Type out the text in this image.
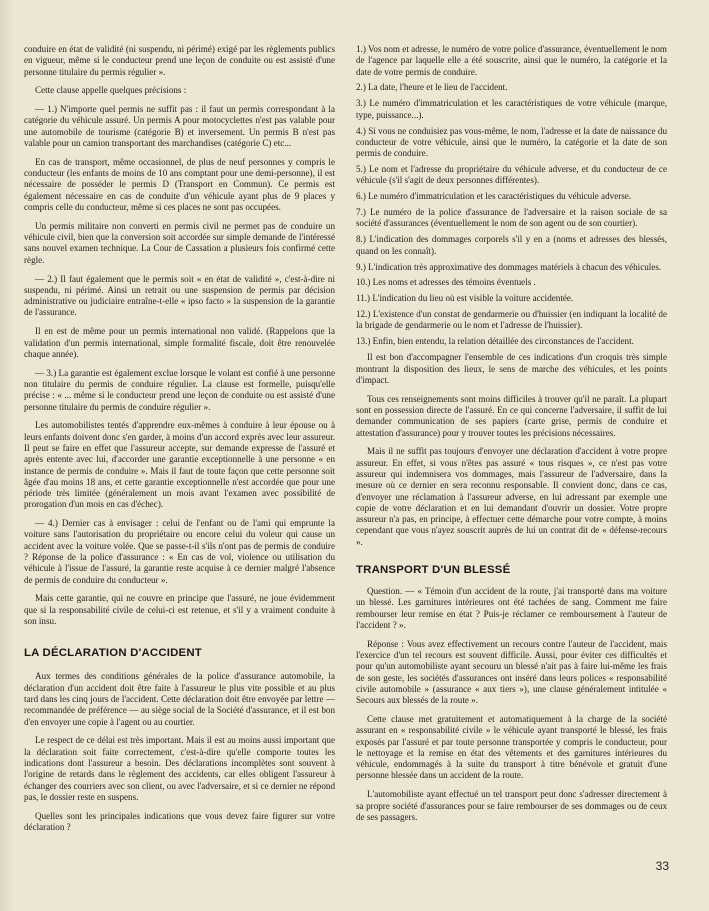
conduire en état de validité (ni suspendu, ni périmé) exigé par les règlements publics en vigueur, même si le conducteur prend une leçon de conduite ou est assisté d'une personne titulaire du permis régulier ».

Cette clause appelle quelques précisions :

— 1.) N'importe quel permis ne suffit pas : il faut un permis correspondant à la catégorie du véhicule assuré. Un permis A pour motocyclettes n'est pas valable pour une automobile de tourisme (catégorie B) et inversement. Un permis B n'est pas valable pour un camion transportant des marchandises (catégorie C) etc...

En cas de transport, même occasionnel, de plus de neuf personnes y compris le conducteur (les enfants de moins de 10 ans comptant pour une demi-personne), il est nécessaire de posséder le permis D (Transport en Commun). Ce permis est également nécessaire en cas de conduite d'un véhicule ayant plus de 9 places y compris celle du conducteur, même si ces places ne sont pas occupées.

Un permis militaire non converti en permis civil ne permet pas de conduire un véhicule civil, bien que la conversion soit accordée sur simple demande de l'intéressé sans nouvel examen technique. La Cour de Cassation a plusieurs fois confirmé cette règle.

— 2.) Il faut également que le permis soit « en état de validité », c'est-à-dire ni suspendu, ni périmé. Ainsi un retrait ou une suspension de permis par décision administrative ou judiciaire entraîne-t-elle « ipso facto » la suspension de la garantie de l'assurance.

Il en est de même pour un permis international non validé. (Rappelons que la validation d'un permis international, simple formalité fiscale, doit être renouvelée chaque année).

— 3.) La garantie est également exclue lorsque le volant est confié à une personne non titulaire du permis de conduire régulier. La clause est formelle, puisqu'elle précise : « ... même si le conducteur prend une leçon de conduite ou est assisté d'une personne titulaire du permis de conduire régulier ».

Les automobilistes tentés d'apprendre eux-mêmes à conduire à leur épouse ou à leurs enfants doivent donc s'en garder, à moins d'un accord exprès avec leur assureur. Il peut se faire en effet que l'assureur accepte, sur demande expresse de l'assuré et après entente avec lui, d'accorder une garantie exceptionnelle à une personne « en instance de permis de conduire ». Mais il faut de toute façon que cette personne soit âgée d'au moins 18 ans, et cette garantie exceptionnelle n'est accordée que pour une période très limitée (généralement un mois avant l'examen avec possibilité de prorogation d'un mois en cas d'échec).

— 4.) Dernier cas à envisager : celui de l'enfant ou de l'ami qui emprunte la voiture sans l'autorisation du propriétaire ou encore celui du voleur qui cause un accident avec la voiture volée. Que se passe-t-il s'ils n'ont pas de permis de conduire ? Réponse de la police d'assurance : « En cas de vol, violence ou utilisation du véhicule à l'issue de l'assuré, la garantie reste acquise à ce dernier malgré l'absence de permis de conduire du conducteur ».

Mais cette garantie, qui ne couvre en principe que l'assuré, ne joue évidemment que si la responsabilité civile de celui-ci est retenue, et s'il y a vraiment conduite à son insu.

LA DÉCLARATION D'ACCIDENT

Aux termes des conditions générales de la police d'assurance automobile, la déclaration d'un accident doit être faite à l'assureur le plus vite possible et au plus tard dans les cinq jours de l'accident. Cette déclaration doit être envoyée par lettre — recommandée de préférence — au siège social de la Société d'assurance, et il est bon d'en envoyer une copie à l'agent ou au courtier.

Le respect de ce délai est très important. Mais il est au moins aussi important que la déclaration soit faite correctement, c'est-à-dire qu'elle comporte toutes les indications dont l'assureur a besoin. Des déclarations incomplètes sont souvent à l'origine de retards dans le règlement des accidents, car elles obligent l'assureur à échanger des courriers avec son client, ou avec l'adversaire, et si ce dernier ne répond pas, le dossier reste en suspens.

Quelles sont les principales indications que vous devez faire figurer sur votre déclaration ?

1.) Vos nom et adresse, le numéro de votre police d'assurance, éventuellement le nom de l'agence par laquelle elle a été souscrite, ainsi que le numéro, la catégorie et la date de votre permis de conduire.

2.) La date, l'heure et le lieu de l'accident.

3.) Le numéro d'immatriculation et les caractéristiques de votre véhicule (marque, type, puissance...).

4.) Si vous ne conduisiez pas vous-même, le nom, l'adresse et la date de naissance du conducteur de votre véhicule, ainsi que le numéro, la catégorie et la date de son permis de conduire.

5.) Le nom et l'adresse du propriétaire du véhicule adverse, et du conducteur de ce véhicule (s'il s'agit de deux personnes différentes).

6.) Le numéro d'immatriculation et les caractéristiques du véhicule adverse.

7.) Le numéro de la police d'assurance de l'adversaire et la raison sociale de sa société d'assurances (éventuellement le nom de son agent ou de son courtier).

8.) L'indication des dommages corporels s'il y en a (noms et adresses des blessés, quand on les connaît).

9.) L'indication très approximative des dommages matériels à chacun des véhicules.

10.) Les noms et adresses des témoins éventuels .

11.) L'indication du lieu où est visible la voiture accidentée.

12.) L'existence d'un constat de gendarmerie ou d'huissier (en indiquant la localité de la brigade de gendarmerie ou le nom et l'adresse de l'huissier).

13.) Enfin, bien entendu, la relation détaillée des circonstances de l'accident.

Il est bon d'accompagner l'ensemble de ces indications d'un croquis très simple montrant la disposition des lieux, le sens de marche des véhicules, et les points d'impact.

Tous ces renseignements sont moins difficiles à trouver qu'il ne paraît. La plupart sont en possession directe de l'assuré. En ce qui concerne l'adversaire, il suffit de lui demander communication de ses papiers (carte grise, permis de conduire et attestation d'assurance) pour y trouver toutes les précisions nécessaires.

Mais il ne suffit pas toujours d'envoyer une déclaration d'accident à votre propre assureur. En effet, si vous n'êtes pas assuré « tous risques », ce n'est pas votre assureur qui indemnisera vos dommages, mais l'assureur de l'adversaire, dans la mesure où ce dernier en sera reconnu responsable. Il convient donc, dans ce cas, d'envoyer une réclamation à l'assureur adverse, en lui adressant par exemple une copie de votre déclaration et en lui demandant d'ouvrir un dossier. Votre propre assureur n'a pas, en principe, à effectuer cette démarche pour votre compte, à moins cependant que vous n'ayez souscrit auprès de lui un contrat dit de « défense-recours ».

TRANSPORT D'UN BLESSÉ

Question. — « Témoin d'un accident de la route, j'ai transporté dans ma voiture un blessé. Les garnitures intérieures ont été tachées de sang. Comment me faire rembourser leur remise en état ? Puis-je réclamer ce remboursement à l'auteur de l'accident ? ».

Réponse : Vous avez effectivement un recours contre l'auteur de l'accident, mais l'exercice d'un tel recours est souvent difficile. Aussi, pour éviter ces difficultés et pour qu'un automobiliste ayant secouru un blessé n'ait pas à faire lui-même les frais de son geste, les sociétés d'assurances ont inséré dans leurs polices « responsabilité civile automobile » (assurance « aux tiers »), une clause généralement intitulée « Secours aux blessés de la route ».

Cette clause met gratuitement et automatiquement à la charge de la société assurant en « responsabilité civile » le véhicule ayant transporté le blessé, les frais exposés par l'assuré et par toute personne transportée y compris le conducteur, pour le nettoyage et la remise en état des vêtements et des garnitures intérieures du véhicule, endommagés à la suite du transport à titre bénévole et gratuit d'une personne blessée dans un accident de la route.

L'automobiliste ayant effectué un tel transport peut donc s'adresser directement à sa propre société d'assurances pour se faire rembourser de ses dommages ou de ceux de ses passagers.

33
